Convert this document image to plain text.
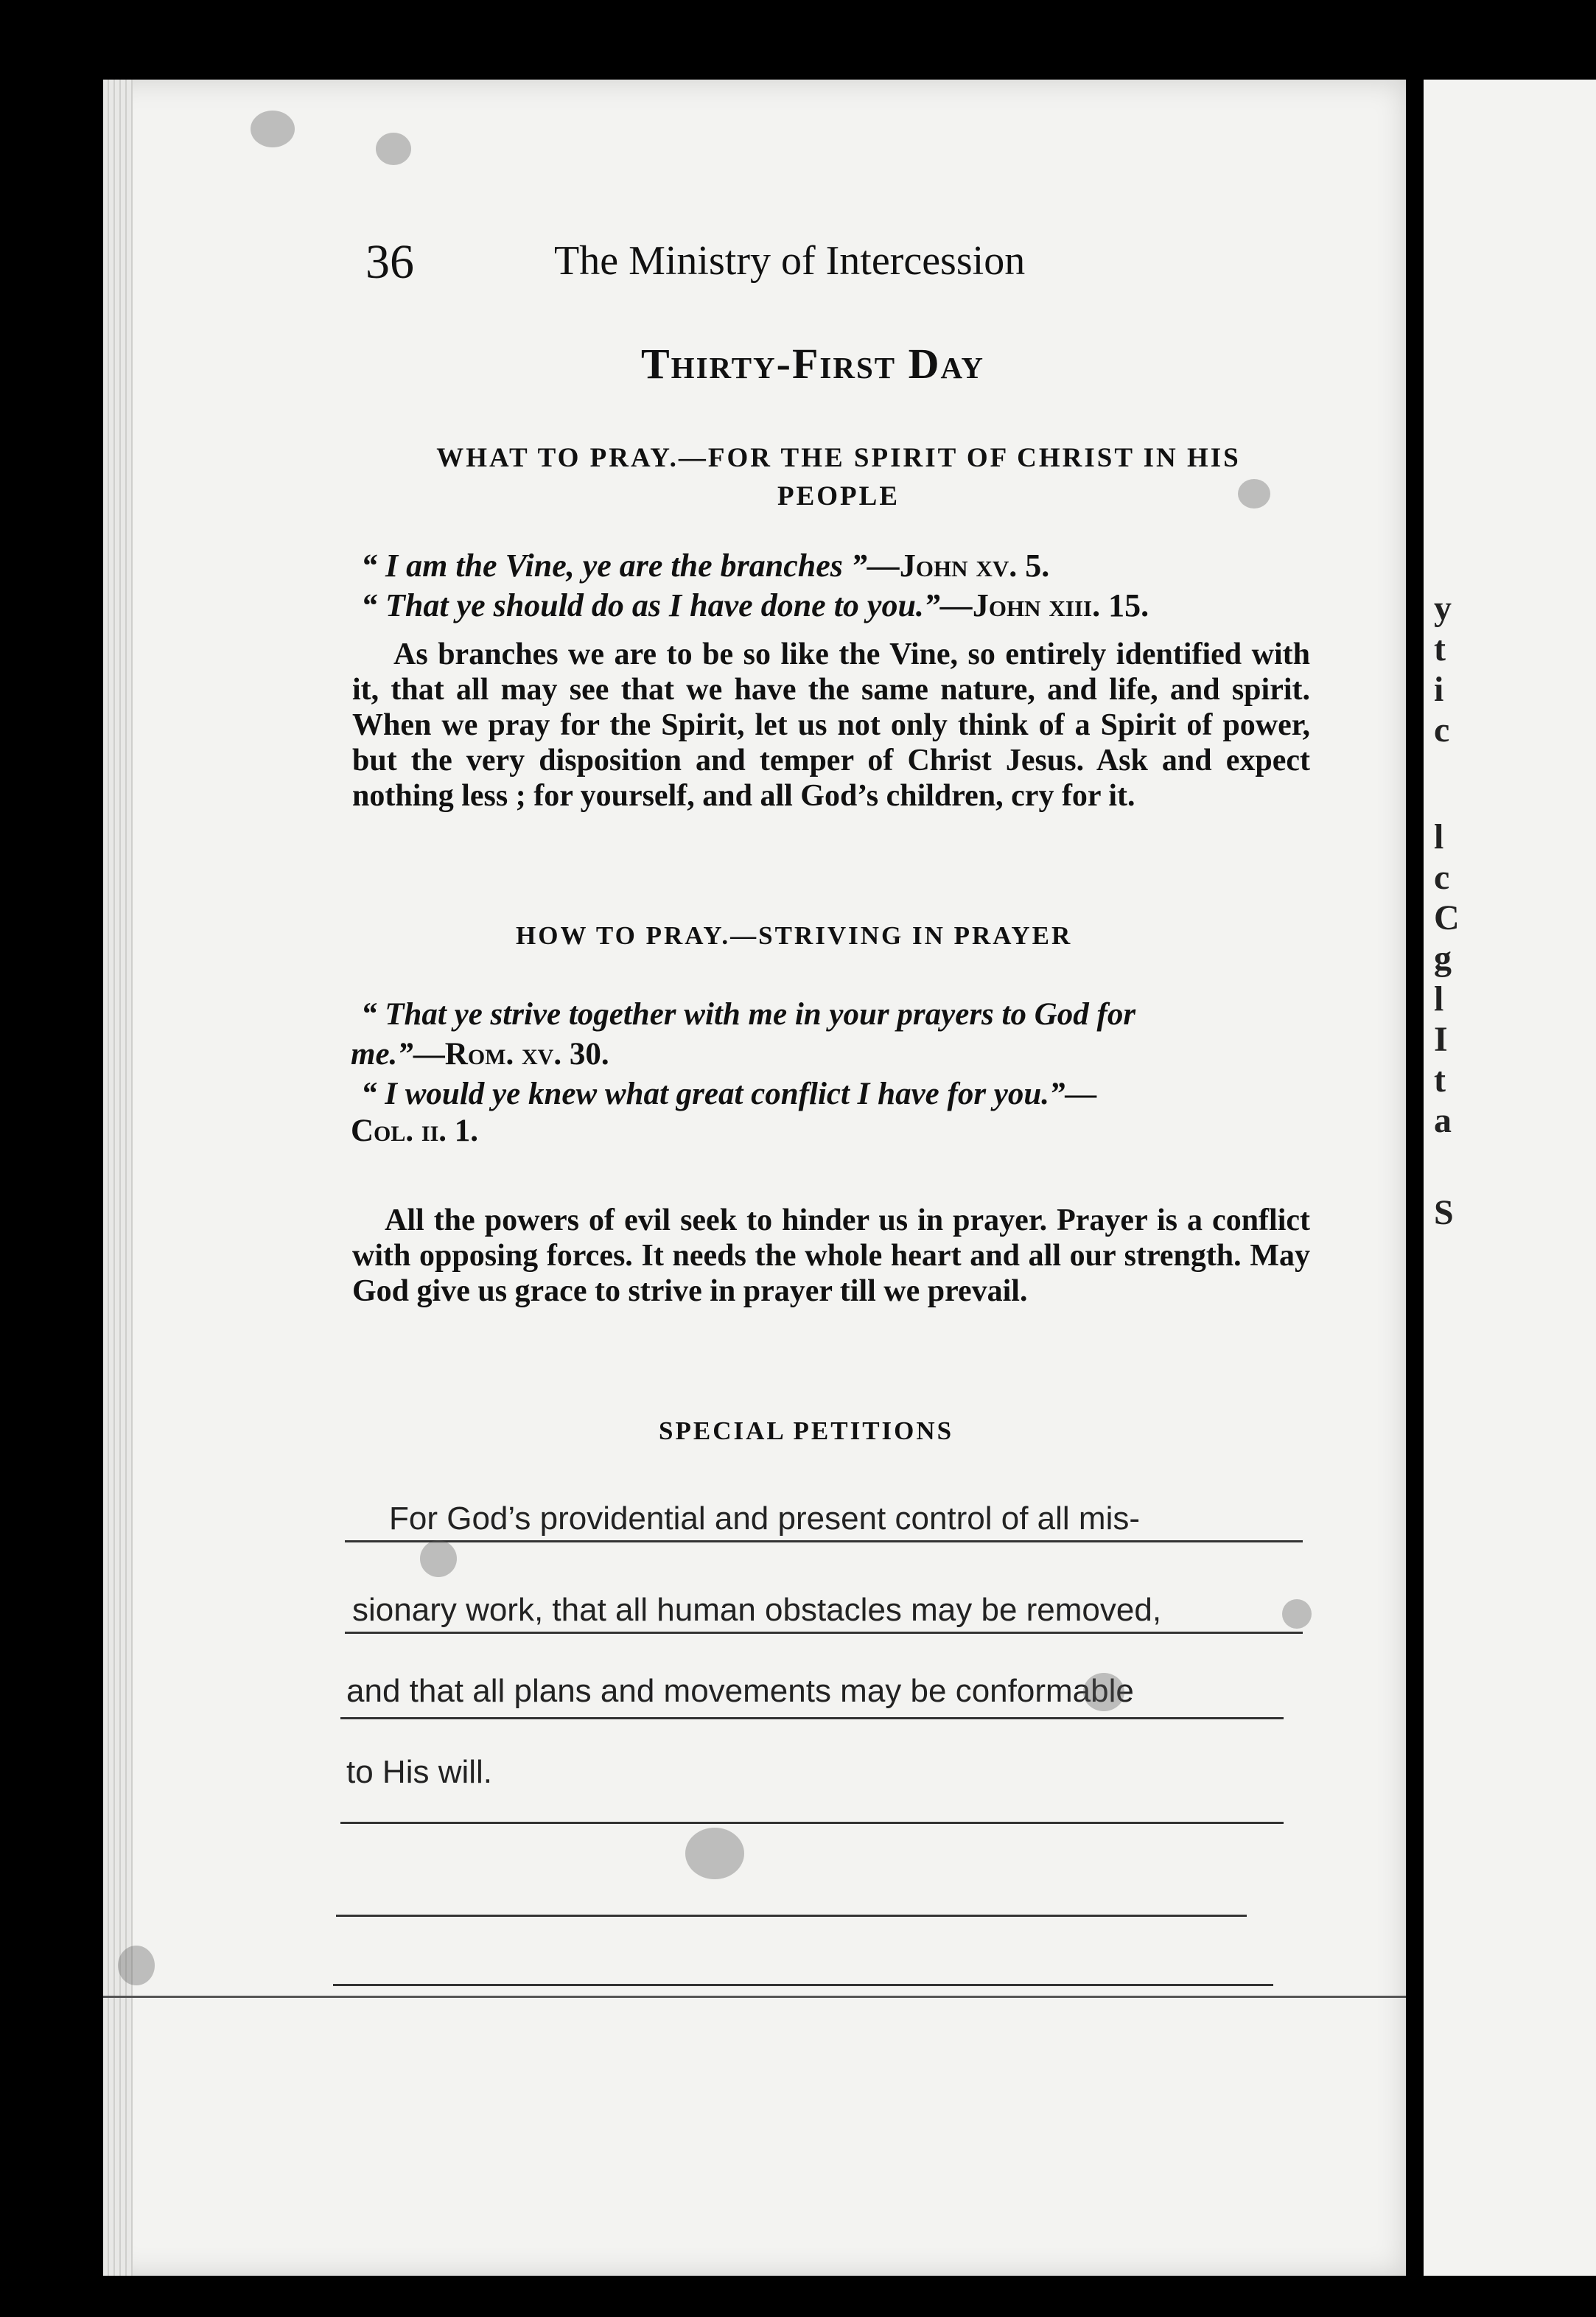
y
t
i
c
l
c
C
g
l
I
t
a
S
36	The Ministry of Intercession
Thirty-First Day
WHAT TO PRAY.—FOR THE SPIRIT OF CHRIST IN HIS
PEOPLE
“ I am the Vine, ye are the branches ”—John xv. 5.
“ That ye should do as I have done to you.”—John xiii. 15.

As branches we are to be so like the Vine, so entirely identified with it, that all may see that we have the same nature, and life, and spirit. When we pray for the Spirit, let us not only think of a Spirit of power, but the very disposition and temper of Christ Jesus. Ask and expect nothing less ; for yourself, and all God’s children, cry for it.

HOW TO PRAY.—STRIVING IN PRAYER
“ That ye strive together with me in your prayers to God for
me.”—Rom. xv. 30.
“ I would ye knew what great conflict I have for you.”—
Col. ii. 1.

All the powers of evil seek to hinder us in prayer. Prayer is a conflict with opposing forces. It needs the whole heart and all our strength. May God give us grace to strive in prayer till we prevail.

SPECIAL PETITIONS
For God’s providential and present control of all mis-
sionary work, that all human obstacles may be removed,
and that all plans and movements may be conformable
to His will.
